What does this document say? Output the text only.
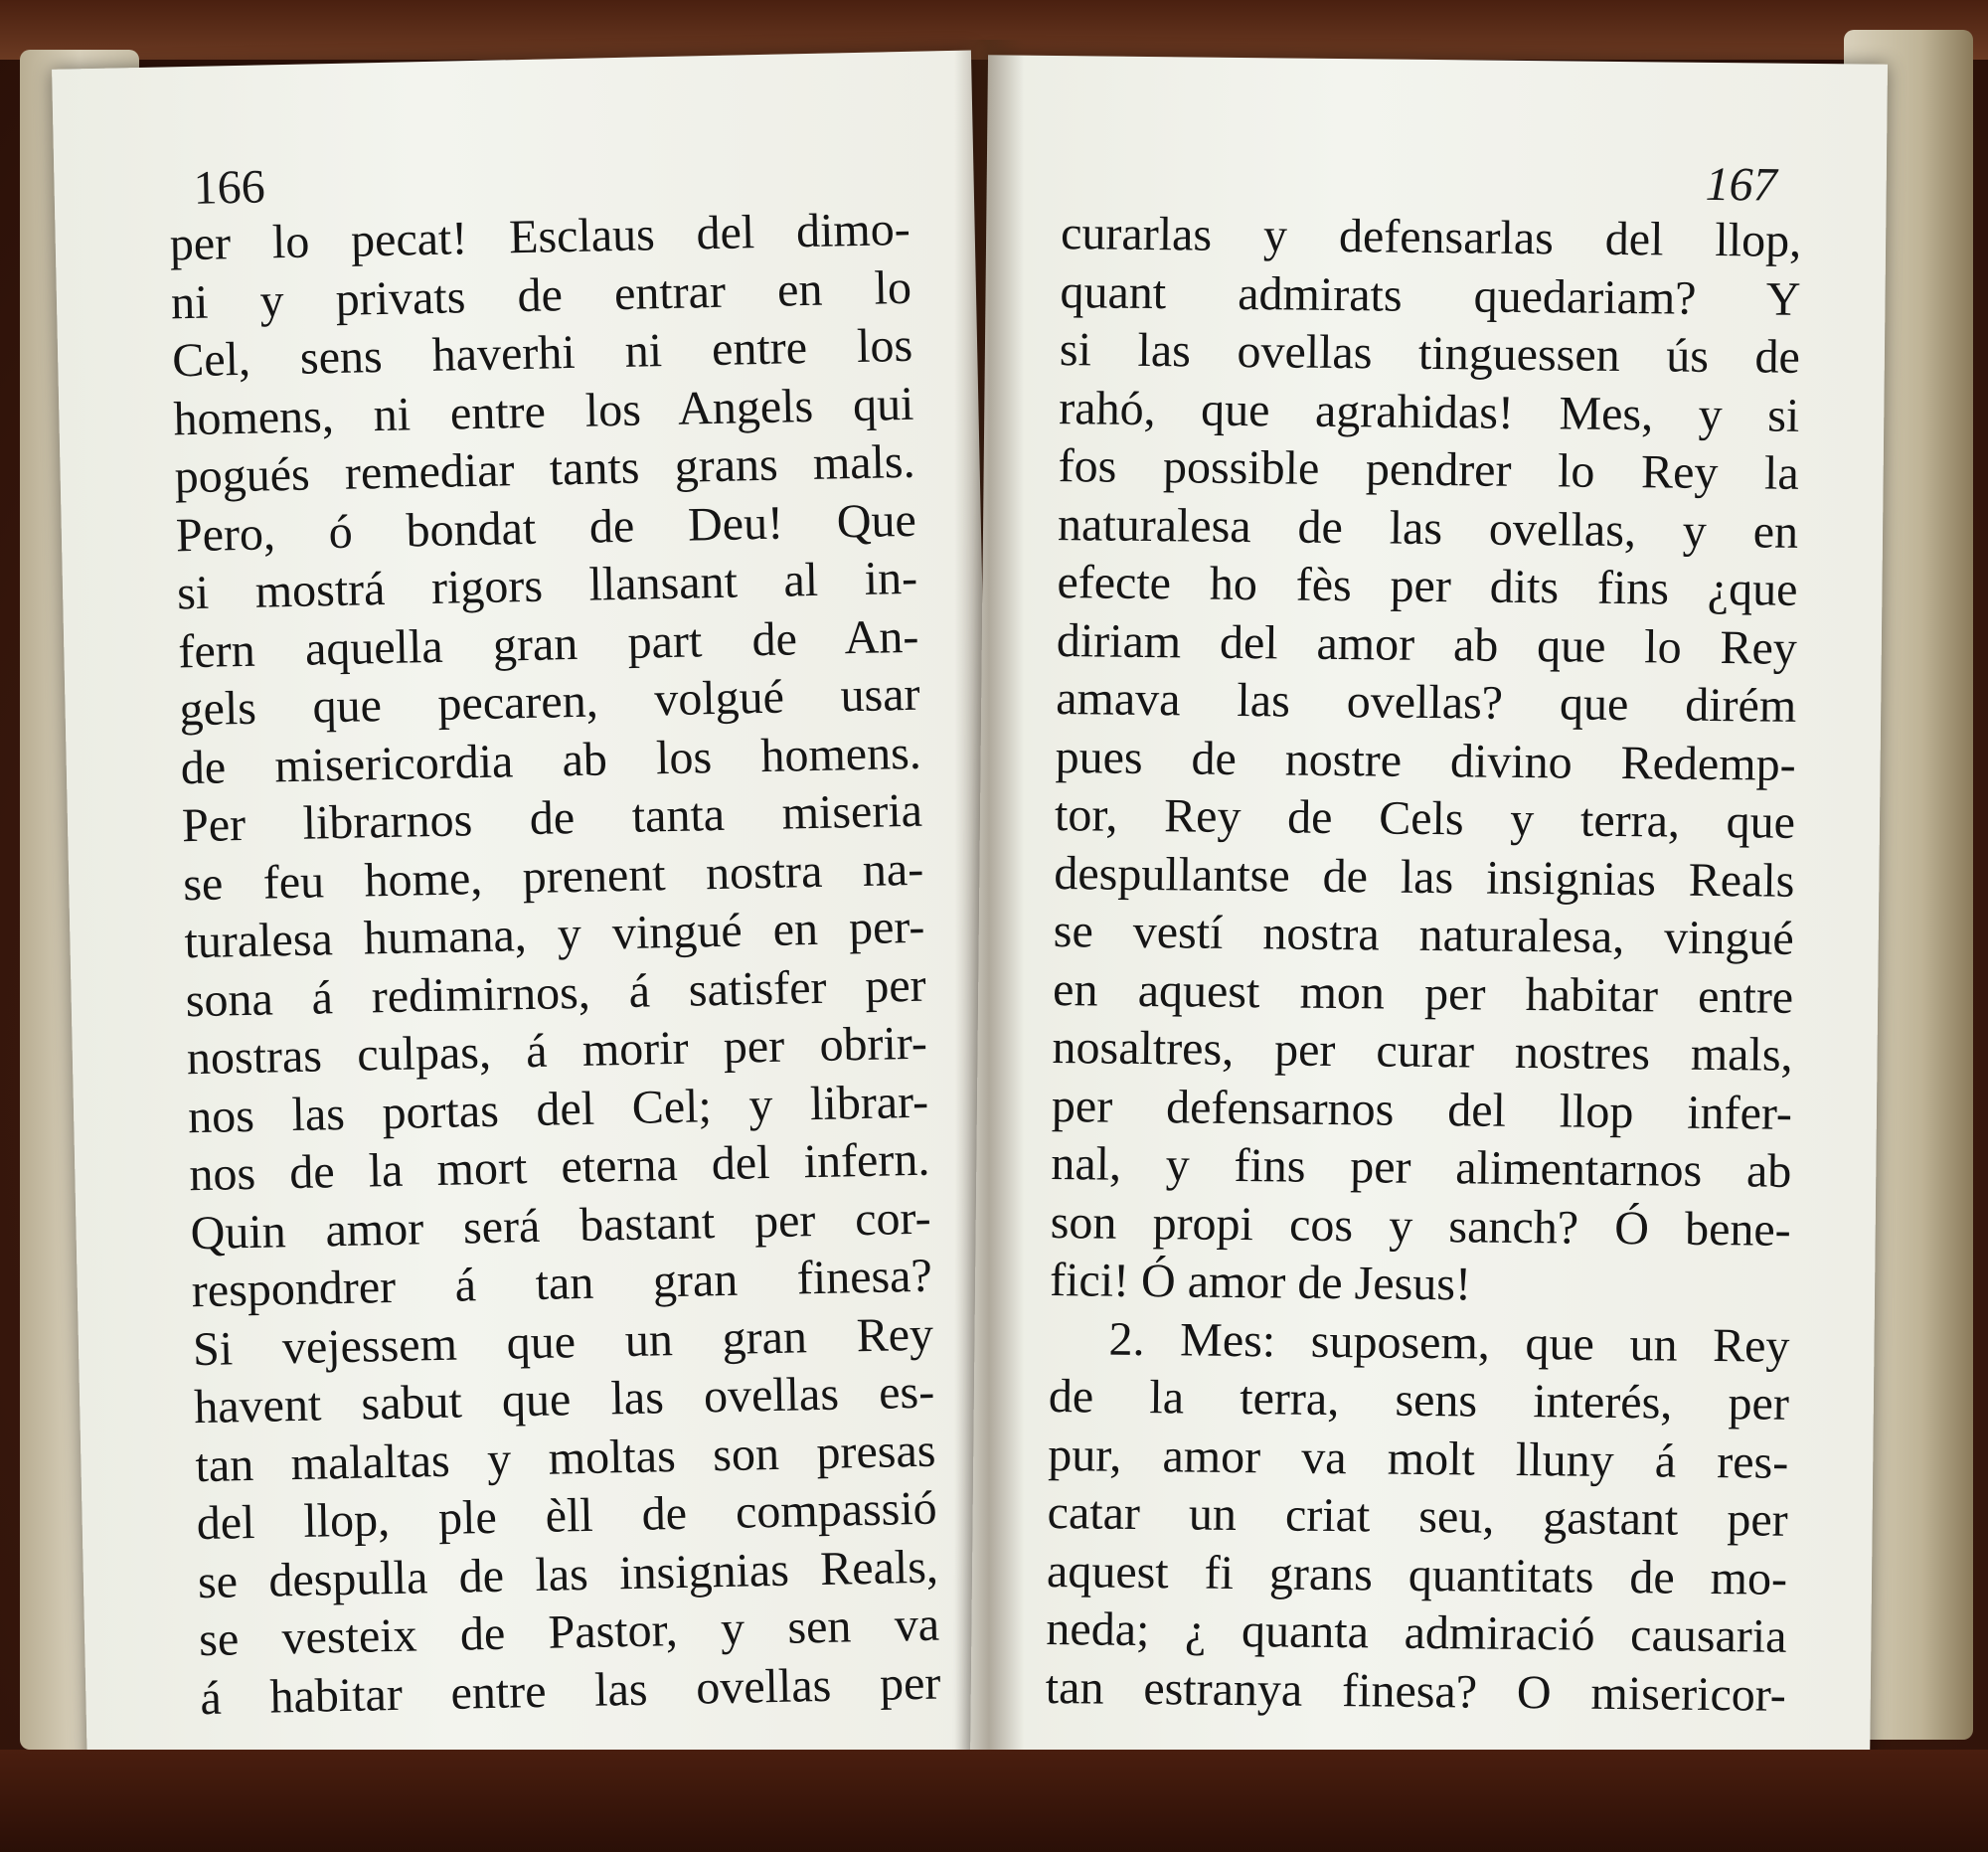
166
per lo pecat! Esclaus del dimo-
ni y privats de entrar en lo
Cel, sens haverhi ni entre los
homens, ni entre los Angels qui
pogués remediar tants grans mals.
Pero, ó bondat de Deu! Que
si mostrá rigors llansant al in-
fern aquella gran part de An-
gels que pecaren, volgué usar
de misericordia ab los homens.
Per librarnos de tanta miseria
se feu home, prenent nostra na-
turalesa humana, y vingué en per-
sona á redimirnos, á satisfer per
nostras culpas, á morir per obrir-
nos las portas del Cel; y librar-
nos de la mort eterna del infern.
Quin amor será bastant per cor-
respondrer á tan gran finesa?
Si vejessem que un gran Rey
havent sabut que las ovellas es-
tan malaltas y moltas son presas
del llop, ple èll de compassió
se despulla de las insignias Reals,
se vesteix de Pastor, y sen va
á habitar entre las ovellas per
167
curarlas y defensarlas del llop,
quant admirats quedariam? Y
si las ovellas tinguessen ús de
rahó, que agrahidas! Mes, y si
fos possible pendrer lo Rey la
naturalesa de las ovellas, y en
efecte ho fès per dits fins ¿que
diriam del amor ab que lo Rey
amava las ovellas? que dirém
pues de nostre divino Redemp-
tor, Rey de Cels y terra, que
despullantse de las insignias Reals
se vestí nostra naturalesa, vingué
en aquest mon per habitar entre
nosaltres, per curar nostres mals,
per defensarnos del llop infer-
nal, y fins per alimentarnos ab
son propi cos y sanch? Ó bene-
fici! Ó amor de Jesus!
2. Mes: suposem, que un Rey
de la terra, sens interés, per
pur, amor va molt lluny á res-
catar un criat seu, gastant per
aquest fi grans quantitats de mo-
neda; ¿ quanta admiració causaria
tan estranya finesa? O misericor-
